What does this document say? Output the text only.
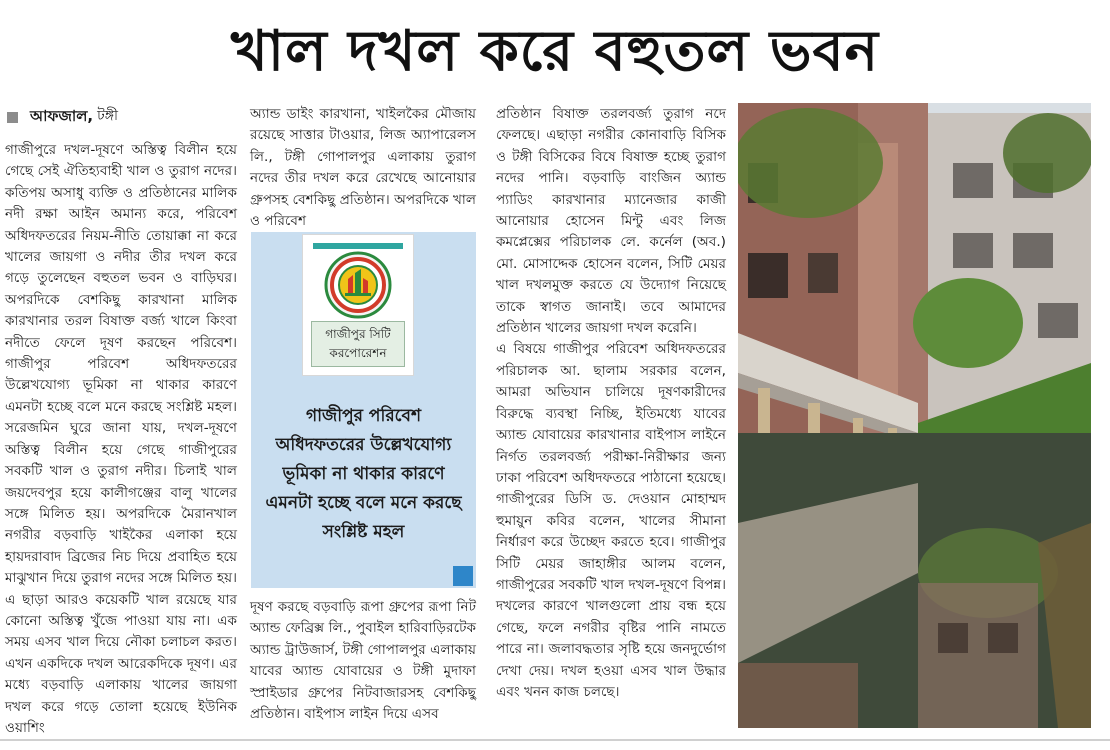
খাল দখল করে বহুতল ভবন
আফজাল, টঙ্গী

গাজীপুরে দখল-দূষণে অস্তিত্ব বিলীন হয়ে গেছে সেই ঐতিহ্যবাহী খাল ও তুরাগ নদের। কতিপয় অসাধু ব্যক্তি ও প্রতিষ্ঠানের মালিক নদী রক্ষা আইন অমান্য করে, পরিবেশ অধিদফতরের নিয়ম-নীতি তোয়াক্কা না করে খালের জায়গা ও নদীর তীর দখল করে গড়ে তুলেছেন বহুতল ভবন ও বাড়িঘর। অপরদিকে বেশকিছু কারখানা মালিক কারখানার তরল বিষাক্ত বর্জ্য খালে কিংবা নদীতে ফেলে দূষণ করছেন পরিবেশ। গাজীপুর পরিবেশ অধিদফতরের উল্লেখযোগ্য ভূমিকা না থাকার কারণে এমনটা হচ্ছে বলে মনে করছে সংশ্লিষ্ট মহল। সরেজমিন ঘুরে জানা যায়, দখল-দূষণে অস্তিত্ব বিলীন হয়ে গেছে গাজীপুরের সবকটি খাল ও তুরাগ নদীর। চিলাই খাল জয়দেবপুর হয়ে কালীগঞ্জের বালু খালের সঙ্গে মিলিত হয়। অপরদিকে মৈরানখাল নগরীর বড়বাড়ি খাইকৈর এলাকা হয়ে হায়দরাবাদ ব্রিজের নিচ দিয়ে প্রবাহিত হয়ে মাঝুখান দিয়ে তুরাগ নদের সঙ্গে মিলিত হয়। এ ছাড়া আরও কয়েকটি খাল রয়েছে যার কোনো অস্তিত্ব খুঁজে পাওয়া যায় না। এক সময় এসব খাল দিয়ে নৌকা চলাচল করত। এখন একদিকে দখল আরেকদিকে দূষণ। এর মধ্যে বড়বাড়ি এলাকায় খালের জায়গা দখল করে গড়ে তোলা হয়েছে ইউনিক ওয়াশিং

অ্যান্ড ডাইং কারখানা, খাইলকৈর মৌজায় রয়েছে সাত্তার টাওয়ার, লিজ অ্যাপারেলস লি., টঙ্গী গোপালপুর এলাকায় তুরাগ নদের তীর দখল করে রেখেছে আনোয়ার গ্রুপসহ বেশকিছু প্রতিষ্ঠান। অপরদিকে খাল ও পরিবেশ

গাজীপুর সিটি করপোরেশন
গাজীপুর পরিবেশ অধিদফতরের উল্লেখযোগ্য ভূমিকা না থাকার কারণে এমনটা হচ্ছে বলে মনে করছে সংশ্লিষ্ট মহল

দূষণ করছে বড়বাড়ি রূপা গ্রুপের রূপা নিট অ্যান্ড ফেব্রিক্স লি., পুবাইল হারিবাড়িরটেক অ্যান্ড ট্রাউজার্স, টঙ্গী গোপালপুর এলাকায় যাবের অ্যান্ড যোবায়ের ও টঙ্গী মুদাফা স্প্রাইডার গ্রুপের নিটবাজারসহ বেশকিছু প্রতিষ্ঠান। বাইপাস লাইন দিয়ে এসব

প্রতিষ্ঠান বিষাক্ত তরলবর্জ্য তুরাগ নদে ফেলছে। এছাড়া নগরীর কোনাবাড়ি বিসিক ও টঙ্গী বিসিকের বিষে বিষাক্ত হচ্ছে তুরাগ নদের পানি। বড়বাড়ি বাংজিন অ্যান্ড প্যাডিং কারখানার ম্যানেজার কাজী আনোয়ার হোসেন মিন্টু এবং লিজ কমপ্লেক্সের পরিচালক লে. কর্নেল (অব.) মো. মোসাদ্দেক হোসেন বলেন, সিটি মেয়র খাল দখলমুক্ত করতে যে উদ্যোগ নিয়েছে তাকে স্বাগত জানাই। তবে আমাদের প্রতিষ্ঠান খালের জায়গা দখল করেনি।

এ বিষয়ে গাজীপুর পরিবেশ অধিদফতরের পরিচালক আ. ছালাম সরকার বলেন, আমরা অভিযান চালিয়ে দূষণকারীদের বিরুদ্ধে ব্যবস্থা নিচ্ছি, ইতিমধ্যে যাবের অ্যান্ড যোবায়ের কারখানার বাইপাস লাইনে নির্গত তরলবর্জ্য পরীক্ষা-নিরীক্ষার জন্য ঢাকা পরিবেশ অধিদফতরে পাঠানো হয়েছে। গাজীপুরের ডিসি ড. দেওয়ান মোহাম্মদ হুমায়ুন কবির বলেন, খালের সীমানা নির্ধারণ করে উচ্ছেদ করতে হবে। গাজীপুর সিটি মেয়র জাহাঙ্গীর আলম বলেন, গাজীপুরের সবকটি খাল দখল-দূষণে বিপন্ন। দখলের কারণে খালগুলো প্রায় বন্ধ হয়ে গেছে, ফলে নগরীর বৃষ্টির পানি নামতে পারে না। জলাবদ্ধতার সৃষ্টি হয়ে জনদুর্ভোগ দেখা দেয়। দখল হওয়া এসব খাল উদ্ধার এবং খনন কাজ চলছে।
